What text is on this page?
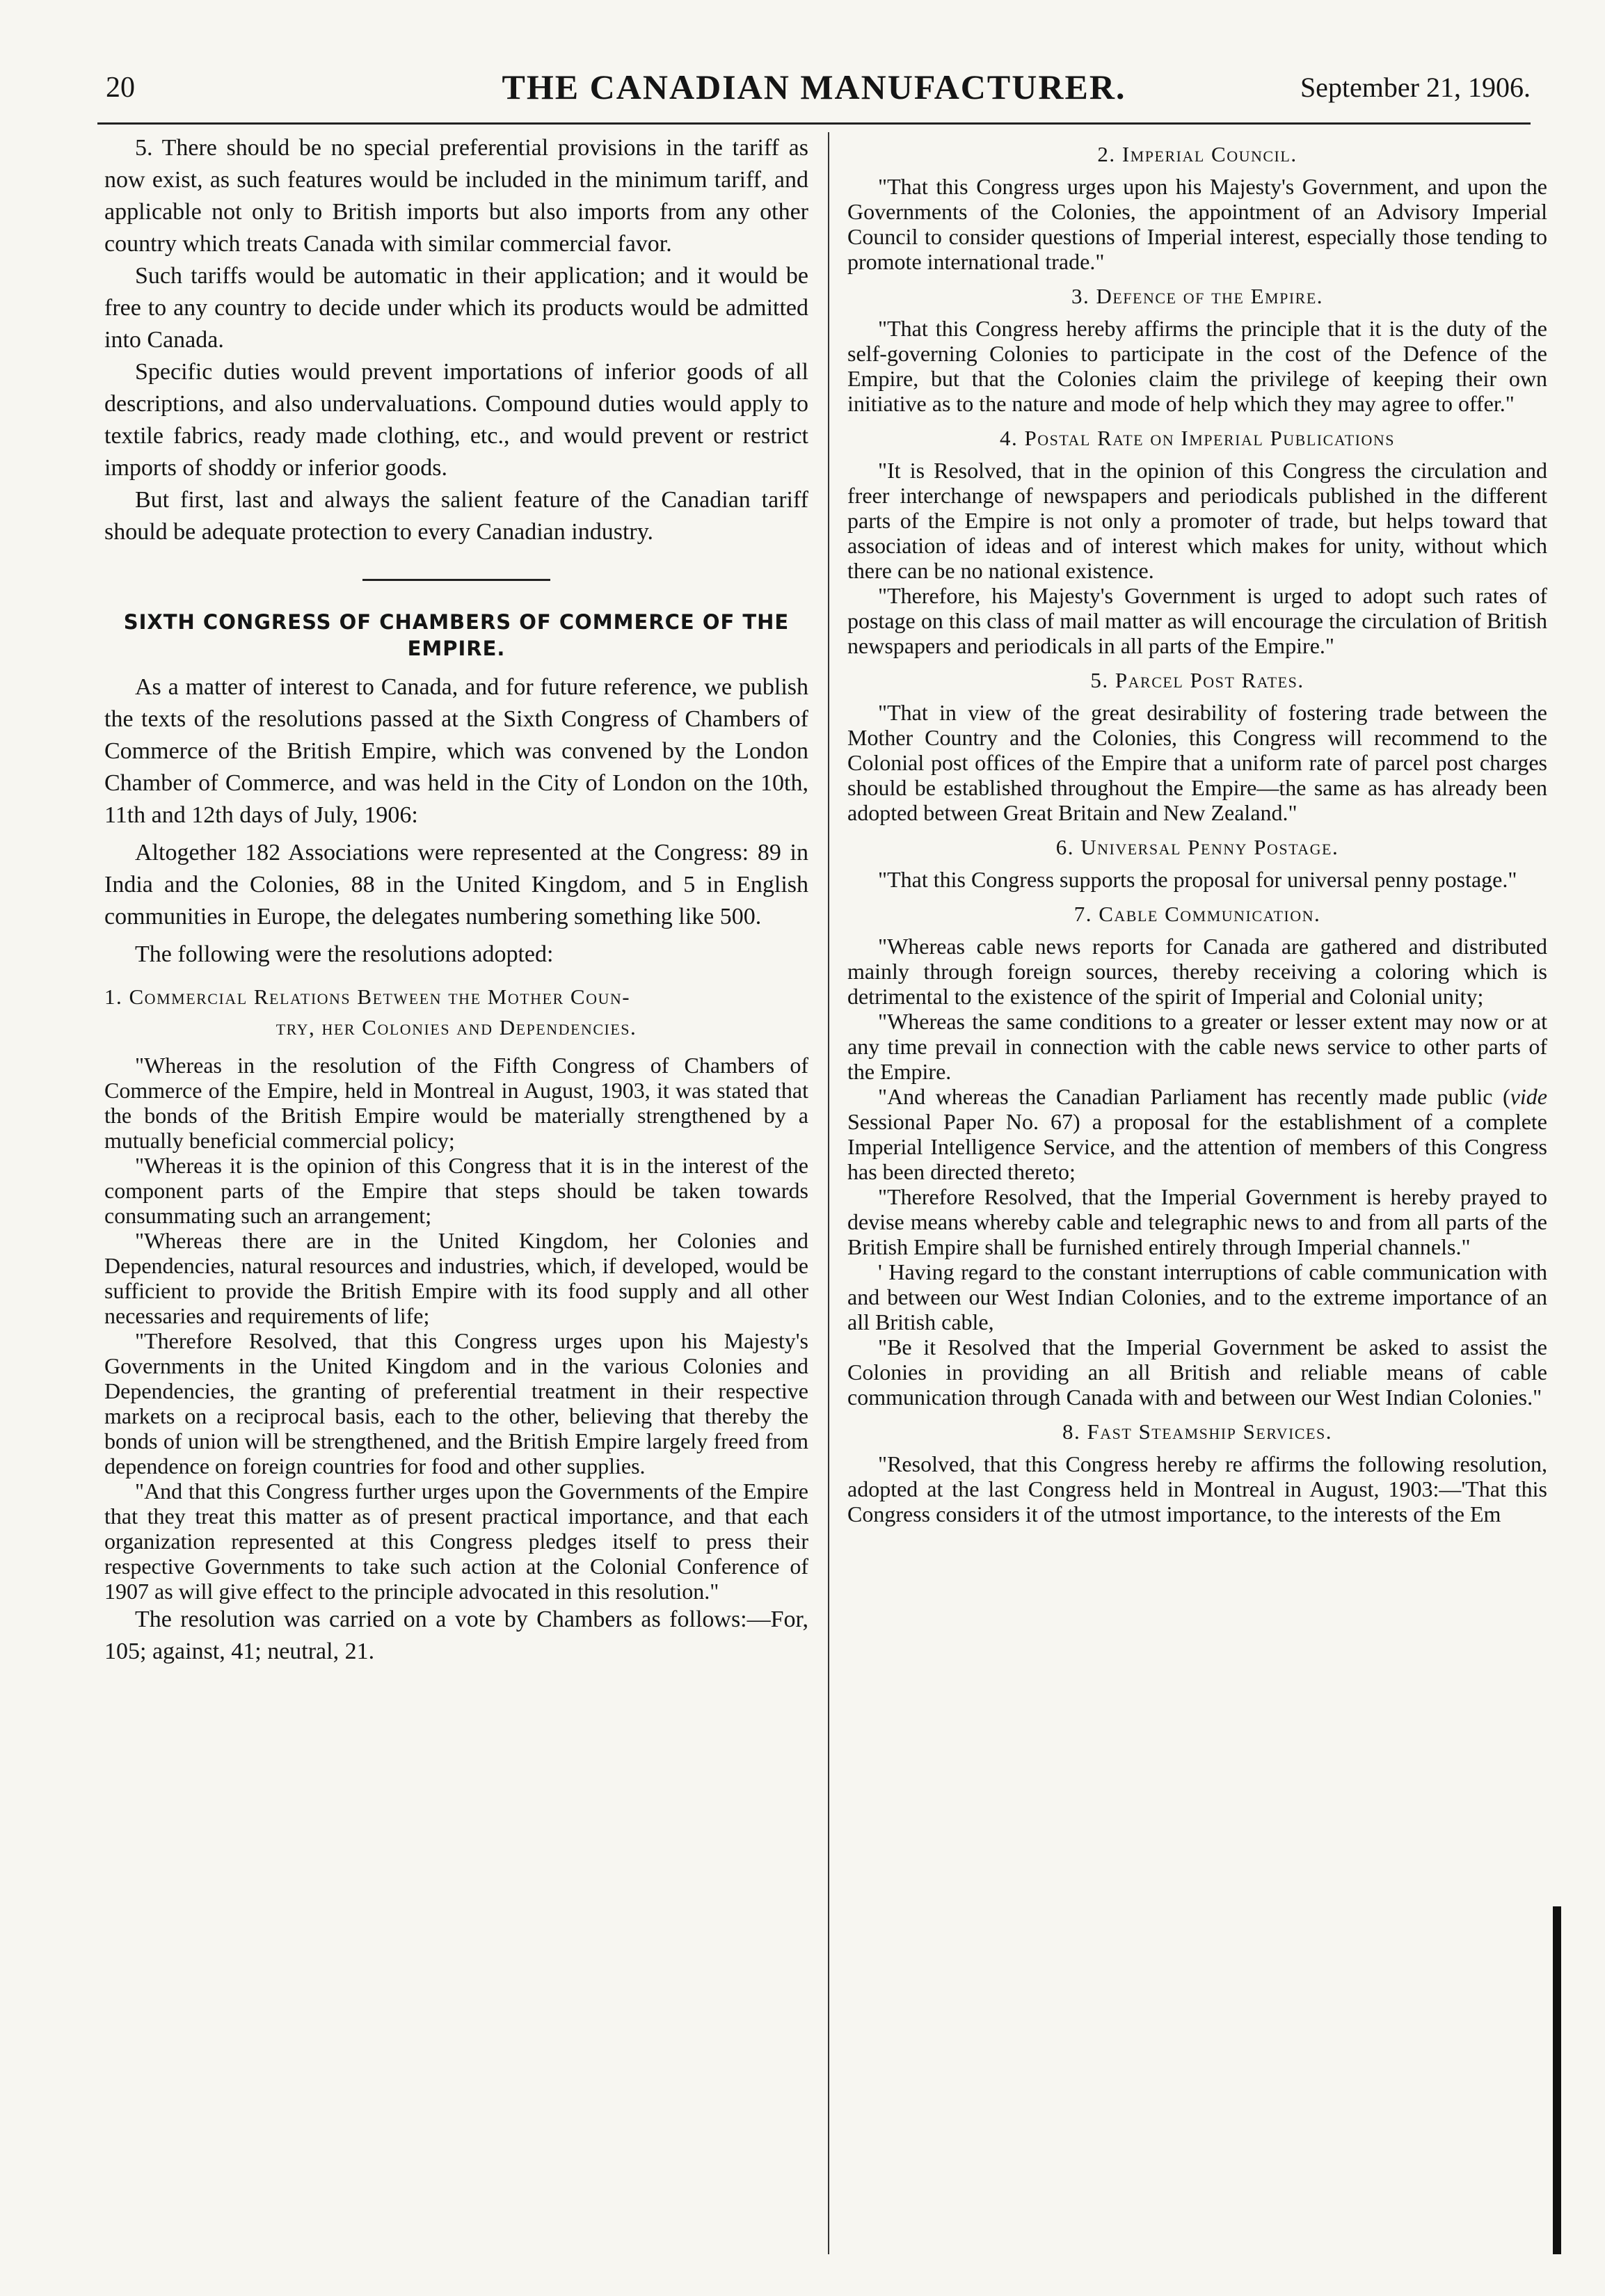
20	THE CANADIAN MANUFACTURER.	September 21, 1906.

5. There should be no special preferential provisions in the tariff as now exist, as such features would be included in the minimum tariff, and applicable not only to British imports but also imports from any other country which treats Canada with similar commercial favor.

Such tariffs would be automatic in their application; and it would be free to any country to decide under which its products would be admitted into Canada.

Specific duties would prevent importations of inferior goods of all descriptions, and also undervaluations. Compound duties would apply to textile fabrics, ready made clothing, etc., and would prevent or restrict imports of shoddy or inferior goods.

But first, last and always the salient feature of the Canadian tariff should be adequate protection to every Canadian industry.

SIXTH CONGRESS OF CHAMBERS OF COMMERCE OF THE
EMPIRE.

As a matter of interest to Canada, and for future reference, we publish the texts of the resolutions passed at the Sixth Congress of Chambers of Commerce of the British Empire, which was convened by the London Chamber of Commerce, and was held in the City of London on the 10th, 11th and 12th days of July, 1906:

Altogether 182 Associations were represented at the Congress: 89 in India and the Colonies, 88 in the United Kingdom, and 5 in English communities in Europe, the delegates numbering something like 500.

The following were the resolutions adopted:

1. Commercial Relations Between the Mother Coun-
try, her Colonies and Dependencies.

"Whereas in the resolution of the Fifth Congress of Chambers of Commerce of the Empire, held in Montreal in August, 1903, it was stated that the bonds of the British Empire would be materially strengthened by a mutually beneficial commercial policy;

"Whereas it is the opinion of this Congress that it is in the interest of the component parts of the Empire that steps should be taken towards consummating such an arrangement;

"Whereas there are in the United Kingdom, her Colonies and Dependencies, natural resources and industries, which, if developed, would be sufficient to provide the British Empire with its food supply and all other necessaries and requirements of life;

"Therefore Resolved, that this Congress urges upon his Majesty's Governments in the United Kingdom and in the various Colonies and Dependencies, the granting of preferential treatment in their respective markets on a reciprocal basis, each to the other, believing that thereby the bonds of union will be strengthened, and the British Empire largely freed from dependence on foreign countries for food and other supplies.

"And that this Congress further urges upon the Governments of the Empire that they treat this matter as of present practical importance, and that each organization represented at this Congress pledges itself to press their respective Governments to take such action at the Colonial Conference of 1907 as will give effect to the principle advocated in this resolution."

The resolution was carried on a vote by Chambers as follows:—For, 105; against, 41; neutral, 21.

2. Imperial Council.

"That this Congress urges upon his Majesty's Government, and upon the Governments of the Colonies, the appointment of an Advisory Imperial Council to consider questions of Imperial interest, especially those tending to promote international trade."

3. Defence of the Empire.

"That this Congress hereby affirms the principle that it is the duty of the self-governing Colonies to participate in the cost of the Defence of the Empire, but that the Colonies claim the privilege of keeping their own initiative as to the nature and mode of help which they may agree to offer."

4. Postal Rate on Imperial Publications

"It is Resolved, that in the opinion of this Congress the circulation and freer interchange of newspapers and periodicals published in the different parts of the Empire is not only a promoter of trade, but helps toward that association of ideas and of interest which makes for unity, without which there can be no national existence.

"Therefore, his Majesty's Government is urged to adopt such rates of postage on this class of mail matter as will encourage the circulation of British newspapers and periodicals in all parts of the Empire."

5. Parcel Post Rates.

"That in view of the great desirability of fostering trade between the Mother Country and the Colonies, this Congress will recommend to the Colonial post offices of the Empire that a uniform rate of parcel post charges should be established throughout the Empire—the same as has already been adopted between Great Britain and New Zealand."

6. Universal Penny Postage.

"That this Congress supports the proposal for universal penny postage."

7. Cable Communication.

"Whereas cable news reports for Canada are gathered and distributed mainly through foreign sources, thereby receiving a coloring which is detrimental to the existence of the spirit of Imperial and Colonial unity;

"Whereas the same conditions to a greater or lesser extent may now or at any time prevail in connection with the cable news service to other parts of the Empire.

"And whereas the Canadian Parliament has recently made public (vide Sessional Paper No. 67) a proposal for the establishment of a complete Imperial Intelligence Service, and the attention of members of this Congress has been directed thereto;

"Therefore Resolved, that the Imperial Government is hereby prayed to devise means whereby cable and telegraphic news to and from all parts of the British Empire shall be furnished entirely through Imperial channels."

' Having regard to the constant interruptions of cable communication with and between our West Indian Colonies, and to the extreme importance of an all British cable,

"Be it Resolved that the Imperial Government be asked to assist the Colonies in providing an all British and reliable means of cable communication through Canada with and between our West Indian Colonies."

8. Fast Steamship Services.

"Resolved, that this Congress hereby re affirms the following resolution, adopted at the last Congress held in Montreal in August, 1903:—'That this Congress considers it of the utmost importance, to the interests of the Em
